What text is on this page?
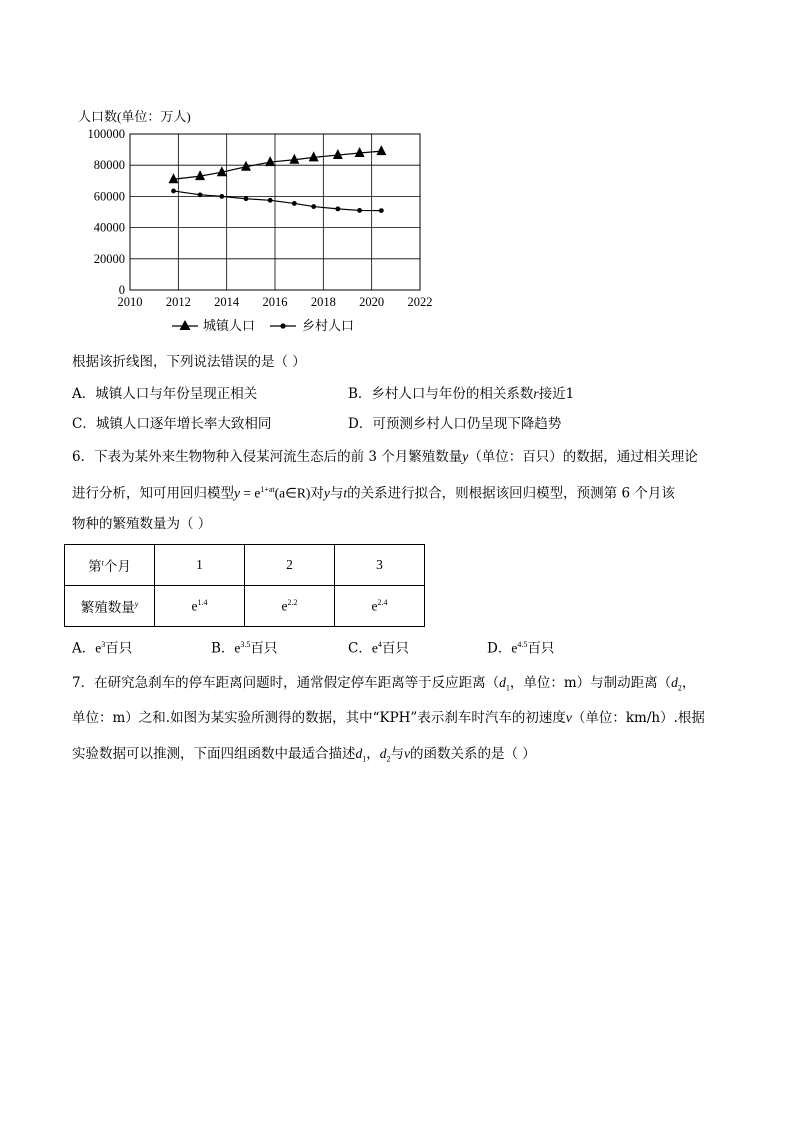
人口数(单位：万人)
100000
80000
60000
40000
20000
0
2010 2012 2014 2016 2018 2020 2022
城镇人口	乡村人口
根据该折线图，下列说法错误的是（ ）
A．城镇人口与年份呈现正相关	B．乡村人口与年份的相关系数r接近1
C．城镇人口逐年增长率大致相同	D．可预测乡村人口仍呈现下降趋势
6．下表为某外来生物物种入侵某河流生态后的前 3 个月繁殖数量y（单位：百只）的数据，通过相关理论
进行分析，知可用回归模型$y = e^{1+at}(a\in R)$对y与t的关系进行拟合，则根据该回归模型，预测第 6 个月该
物种的繁殖数量为（ ）
第$^t$个月	1	2	3
繁殖数量$^y$	$e^{1.4}$	$e^{2.2}$	$e^{2.4}$
A．$e^3$百只	B．$e^{3.5}$百只	C．$e^4$百只	D．$e^{4.5}$百只
7．在研究急刹车的停车距离问题时，通常假定停车距离等于反应距离（$d_1$，单位：m）与制动距离（$d_2$，
单位：m）之和.如图为某实验所测得的数据，其中“KPH”表示刹车时汽车的初速度v（单位：km/h）.根据
实验数据可以推测，下面四组函数中最适合描述$d_1$，$d_2$与v的函数关系的是（ ）
